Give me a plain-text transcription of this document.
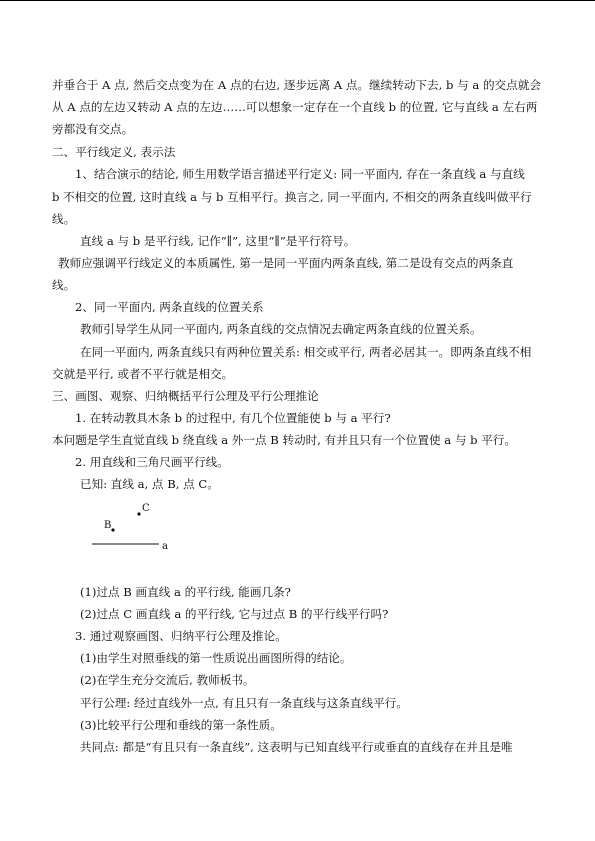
并垂合于 A 点, 然后交点变为在 A 点的右边, 逐步远离 A 点。继续转动下去, b 与 a 的交点就会
从 A 点的左边又转动 A 点的左边……可以想象一定存在一个直线 b 的位置, 它与直线 a 左右两
旁都没有交点。
二、平行线定义, 表示法
1、结合演示的结论, 师生用数学语言描述平行定义: 同一平面内, 存在一条直线 a 与直线
b 不相交的位置, 这时直线 a 与 b 互相平行。换言之, 同一平面内, 不相交的两条直线叫做平行
线。
直线 a 与 b 是平行线, 记作“∥”, 这里“∥”是平行符号。
教师应强调平行线定义的本质属性, 第一是同一平面内两条直线, 第二是设有交点的两条直
线。
2、同一平面内, 两条直线的位置关系
教师引导学生从同一平面内, 两条直线的交点情况去确定两条直线的位置关系。
在同一平面内, 两条直线只有两种位置关系: 相交或平行, 两者必居其一。即两条直线不相
交就是平行, 或者不平行就是相交。
三、画图、观察、归纳概括平行公理及平行公理推论
1. 在转动教具木条 b 的过程中, 有几个位置能使 b 与 a 平行?
本问题是学生直觉直线 b 绕直线 a 外一点 B 转动时, 有并且只有一个位置使 a 与 b 平行。
2. 用直线和三角尺画平行线。
已知: 直线 a, 点 B, 点 C。
C
B
a
(1)过点 B 画直线 a 的平行线, 能画几条?
(2)过点 C 画直线 a 的平行线, 它与过点 B 的平行线平行吗?
3. 通过观察画图、归纳平行公理及推论。
(1)由学生对照垂线的第一性质说出画图所得的结论。
(2)在学生充分交流后, 教师板书。
平行公理: 经过直线外一点, 有且只有一条直线与这条直线平行。
(3)比较平行公理和垂线的第一条性质。
共同点: 都是“有且只有一条直线”, 这表明与已知直线平行或垂直的直线存在并且是唯
